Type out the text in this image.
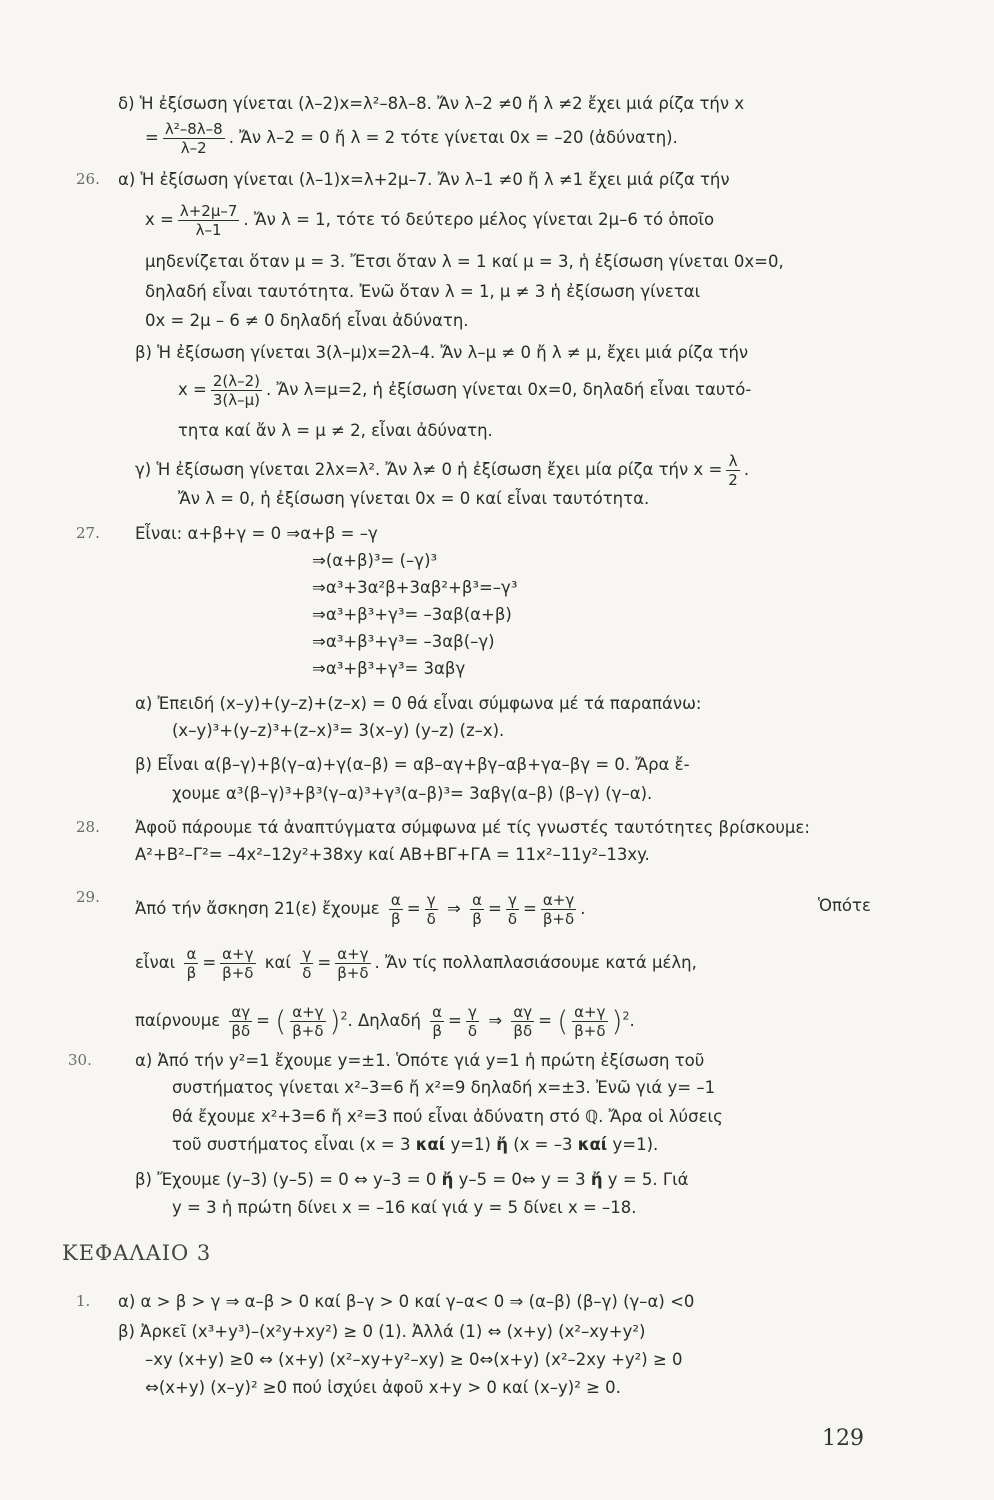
δ) Ἡ ἐξίσωση γίνεται (λ–2)x=λ²–8λ–8. Ἄν λ–2 ≠0 ἤ λ ≠2 ἔχει μιά ρίζα τήν x
= $\frac{\text{λ²–8λ–8}}{\lambda-2}$ . Ἄν λ–2 = 0 ἤ λ = 2 τότε γίνεται 0x = –20 (ἀδύνατη).
26. α) Ἡ ἐξίσωση γίνεται (λ–1)x=λ+2μ–7. Ἄν λ–1 ≠0 ἤ λ ≠1 ἔχει μιά ρίζα τήν
$x = \frac{\lambda+2\mu-7}{\lambda-1}$ . Ἄν λ = 1, τότε τό δεύτερο μέλος γίνεται 2μ–6 τό ὁποῖο
μηδενίζεται ὅταν μ = 3. Ἔτσι ὅταν λ = 1 καί μ = 3, ἡ ἐξίσωση γίνεται 0x=0,
δηλαδή εἶναι ταυτότητα. Ἐνῶ ὅταν λ = 1, μ ≠ 3 ἡ ἐξίσωση γίνεται
0x = 2μ – 6 ≠ 0 δηλαδή εἶναι ἀδύνατη.
β) Ἡ ἐξίσωση γίνεται 3(λ–μ)x=2λ–4. Ἄν λ–μ ≠ 0 ἤ λ ≠ μ, ἔχει μιά ρίζα τήν
$x = \frac{2(\lambda-2)}{3(\lambda-\mu)}$ . Ἄν λ=μ=2, ἡ ἐξίσωση γίνεται 0x=0, δηλαδή εἶναι ταυτό-
τητα καί ἄν λ = μ ≠ 2, εἶναι ἀδύνατη.
γ) Ἡ ἐξίσωση γίνεται 2λx=λ². Ἄν λ≠ 0 ἡ ἐξίσωση ἔχει μία ρίζα τήν $x = \frac{\lambda}{2}$ .
Ἄν λ = 0, ἡ ἐξίσωση γίνεται 0x = 0 καί εἶναι ταυτότητα.
27. Εἶναι: α+β+γ = 0 ⇒α+β = –γ
⇒(α+β)³= (–γ)³
⇒α³+3α²β+3αβ²+β³=–γ³
⇒α³+β³+γ³= –3αβ(α+β)
⇒α³+β³+γ³= –3αβ(–γ)
⇒α³+β³+γ³= 3αβγ
α) Ἐπειδή (x–y)+(y–z)+(z–x) = 0 θά εἶναι σύμφωνα μέ τά παραπάνω:
(x–y)³+(y–z)³+(z–x)³= 3(x–y) (y–z) (z–x).
β) Εἶναι α(β–γ)+β(γ–α)+γ(α–β) = αβ–αγ+βγ–αβ+γα–βγ = 0. Ἄρα ἔ-
χουμε α³(β–γ)³+β³(γ–α)³+γ³(α–β)³= 3αβγ(α–β) (β–γ) (γ–α).
28. Ἀφοῦ πάρουμε τά ἀναπτύγματα σύμφωνα μέ τίς γνωστές ταυτότητες βρίσκουμε:
Α²+Β²–Γ²= –4x²–12y²+38xy καί ΑΒ+ΒΓ+ΓΑ = 11x²–11y²–13xy.
29.
Ἀπό τήν ἄσκηση 21(ε) ἔχουμε $\frac{\alpha}{\beta} = \frac{\gamma}{\delta}$ ⇒ $\frac{\alpha}{\beta} = \frac{\gamma}{\delta} = \frac{\alpha+\gamma}{\beta+\delta}$ .	Ὁπότε
εἶναι $\frac{\alpha}{\beta} = \frac{\alpha+\gamma}{\beta+\delta}$ καί $\frac{\gamma}{\delta} = \frac{\alpha+\gamma}{\beta+\delta}$ . Ἄν τίς πολλαπλασιάσουμε κατά μέλη,
παίρνουμε $\frac{\alpha\gamma}{\beta\delta}$ = ( $\frac{\alpha+\gamma}{\beta+\delta} )^2$. Δηλαδή $\frac{\alpha}{\beta} = \frac{\gamma}{\delta}$ ⇒ $\frac{\alpha\gamma}{\beta\delta}$ = ( $\frac{\alpha+\gamma}{\beta+\delta} )^2$.
30.	α) Ἀπό τήν y²=1 ἔχουμε y=±1. Ὁπότε γιά y=1 ἡ πρώτη ἐξίσωση τοῦ
συστήματος γίνεται x²–3=6 ἤ x²=9 δηλαδή x=±3. Ἐνῶ γιά y= –1
θά ἔχουμε x²+3=6 ἤ x²=3 πού εἶναι ἀδύνατη στό ℚ. Ἄρα οἱ λύσεις
τοῦ συστήματος εἶναι (x = 3 καί y=1) ἤ (x = –3 καί y=1).
β) Ἔχουμε (y–3) (y–5) = 0 ⇔ y–3 = 0 ἤ y–5 = 0⇔ y = 3 ἤ y = 5. Γιά
y = 3 ἡ πρώτη δίνει x = –16 καί γιά y = 5 δίνει x = –18.
ΚΕΦΑΛΑΙΟ 3
1. α) α > β > γ ⇒ α–β > 0 καί β–γ > 0 καί γ–α< 0 ⇒ (α–β) (β–γ) (γ–α) <0
β) Ἀρκεῖ (x³+y³)–(x²y+xy²) ≥ 0 (1). Ἀλλά (1) ⇔ (x+y) (x²–xy+y²)
–xy (x+y) ≥0 ⇔ (x+y) (x²–xy+y²–xy) ≥ 0⇔(x+y) (x²–2xy +y²) ≥ 0
⇔(x+y) (x–y)² ≥0 πού ἰσχύει ἀφοῦ x+y > 0 καί (x–y)² ≥ 0.
129
